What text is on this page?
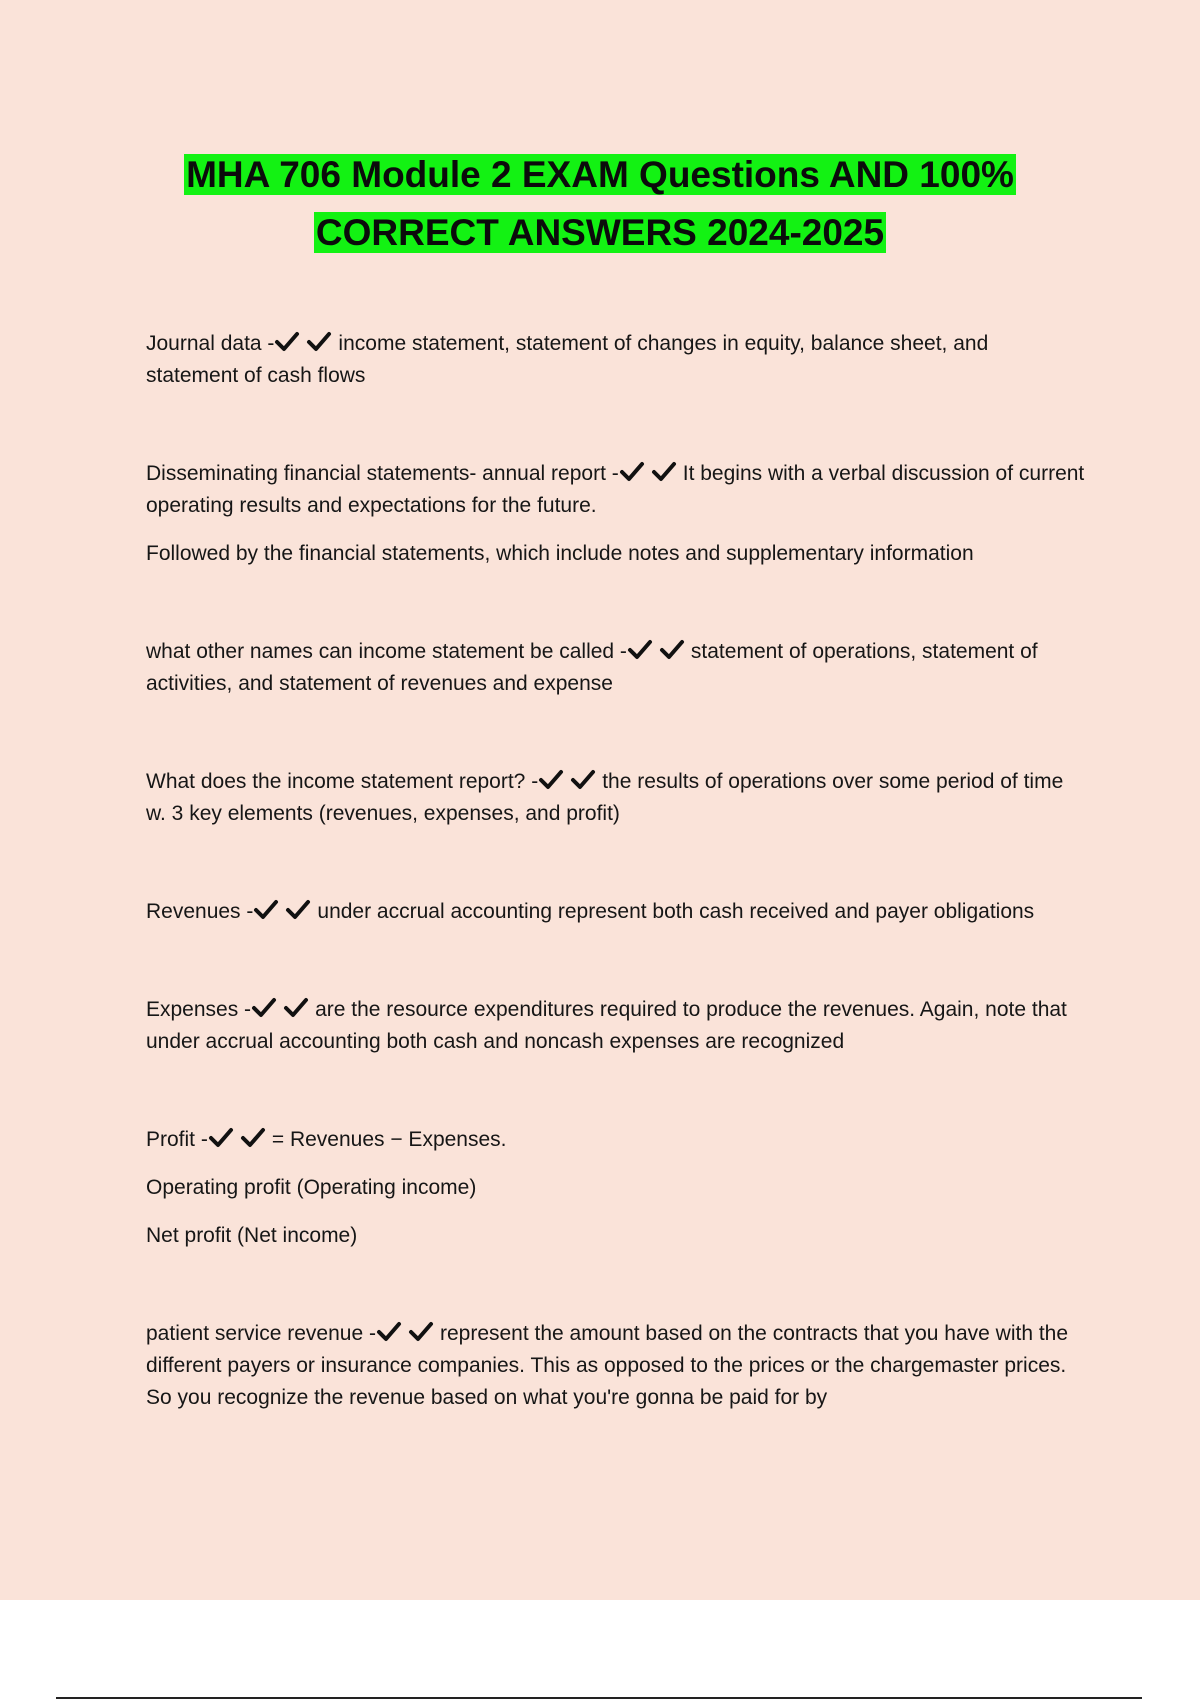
MHA 706 Module 2 EXAM Questions AND 100%
CORRECT ANSWERS 2024-2025

Journal data -	income statement, statement of changes in equity, balance sheet, and statement of cash flows

Disseminating financial statements- annual report -	It begins with a verbal discussion of current operating results and expectations for the future.

Followed by the financial statements, which include notes and supplementary information

what other names can income statement be called -	statement of operations, statement of activities, and statement of revenues and expense

What does the income statement report? -	the results of operations over some period of time w. 3 key elements (revenues, expenses, and profit)

Revenues -	under accrual accounting represent both cash received and payer obligations

Expenses -	are the resource expenditures required to produce the revenues. Again, note that under accrual accounting both cash and noncash expenses are recognized

Profit -	= Revenues − Expenses.

Operating profit (Operating income)

Net profit (Net income)

patient service revenue -	represent the amount based on the contracts that you have with the different payers or insurance companies. This as opposed to the prices or the chargemaster prices. So you recognize the revenue based on what you're gonna be paid for by
